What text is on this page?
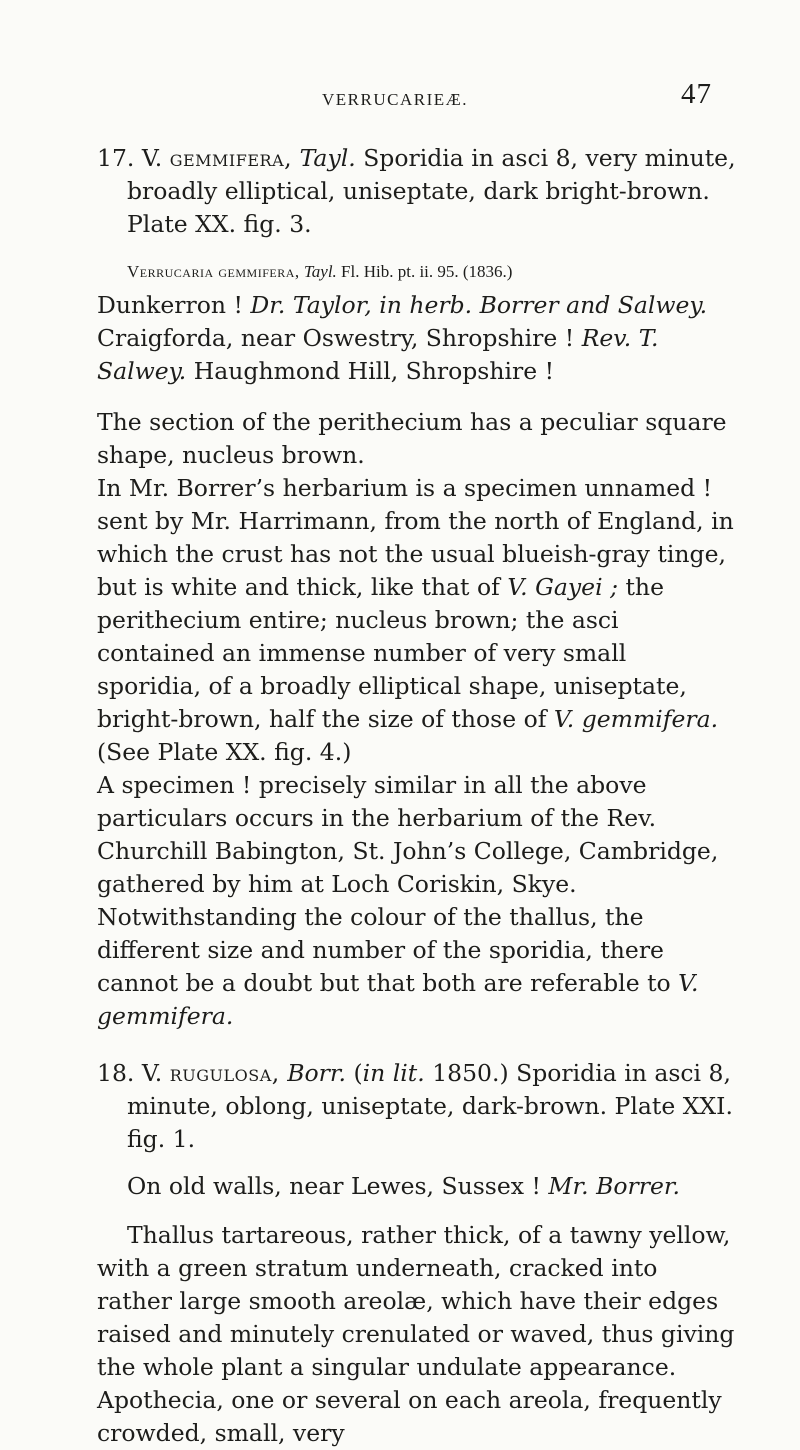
VERRUCARIEÆ.	47

17. V. gemmifera, Tayl. Sporidia in asci 8, very minute, broadly elliptical, uniseptate, dark bright-brown. Plate XX. fig. 3.

Verrucaria gemmifera, Tayl. Fl. Hib. pt. ii. 95. (1836.)

Dunkerron ! Dr. Taylor, in herb. Borrer and Salwey. Craigforda, near Oswestry, Shropshire ! Rev. T. Salwey. Haughmond Hill, Shropshire !

The section of the perithecium has a peculiar square shape, nucleus brown.

In Mr. Borrer’s herbarium is a specimen unnamed ! sent by Mr. Harrimann, from the north of England, in which the crust has not the usual blueish-gray tinge, but is white and thick, like that of V. Gayei ; the perithecium entire; nucleus brown; the asci contained an immense number of very small sporidia, of a broadly elliptical shape, uniseptate, bright-brown, half the size of those of V. gemmifera. (See Plate XX. fig. 4.)

A specimen ! precisely similar in all the above particulars occurs in the herbarium of the Rev. Churchill Babington, St. John’s College, Cambridge, gathered by him at Loch Coriskin, Skye. Notwithstanding the colour of the thallus, the different size and number of the sporidia, there cannot be a doubt but that both are referable to V. gemmifera.

18. V. rugulosa, Borr. (in lit. 1850.) Sporidia in asci 8, minute, oblong, uniseptate, dark-brown. Plate XXI. fig. 1.

On old walls, near Lewes, Sussex ! Mr. Borrer.

Thallus tartareous, rather thick, of a tawny yellow, with a green stratum underneath, cracked into rather large smooth areolæ, which have their edges raised and minutely crenulated or waved, thus giving the whole plant a singular undulate appearance. Apothecia, one or several on each areola, frequently crowded, small, very
